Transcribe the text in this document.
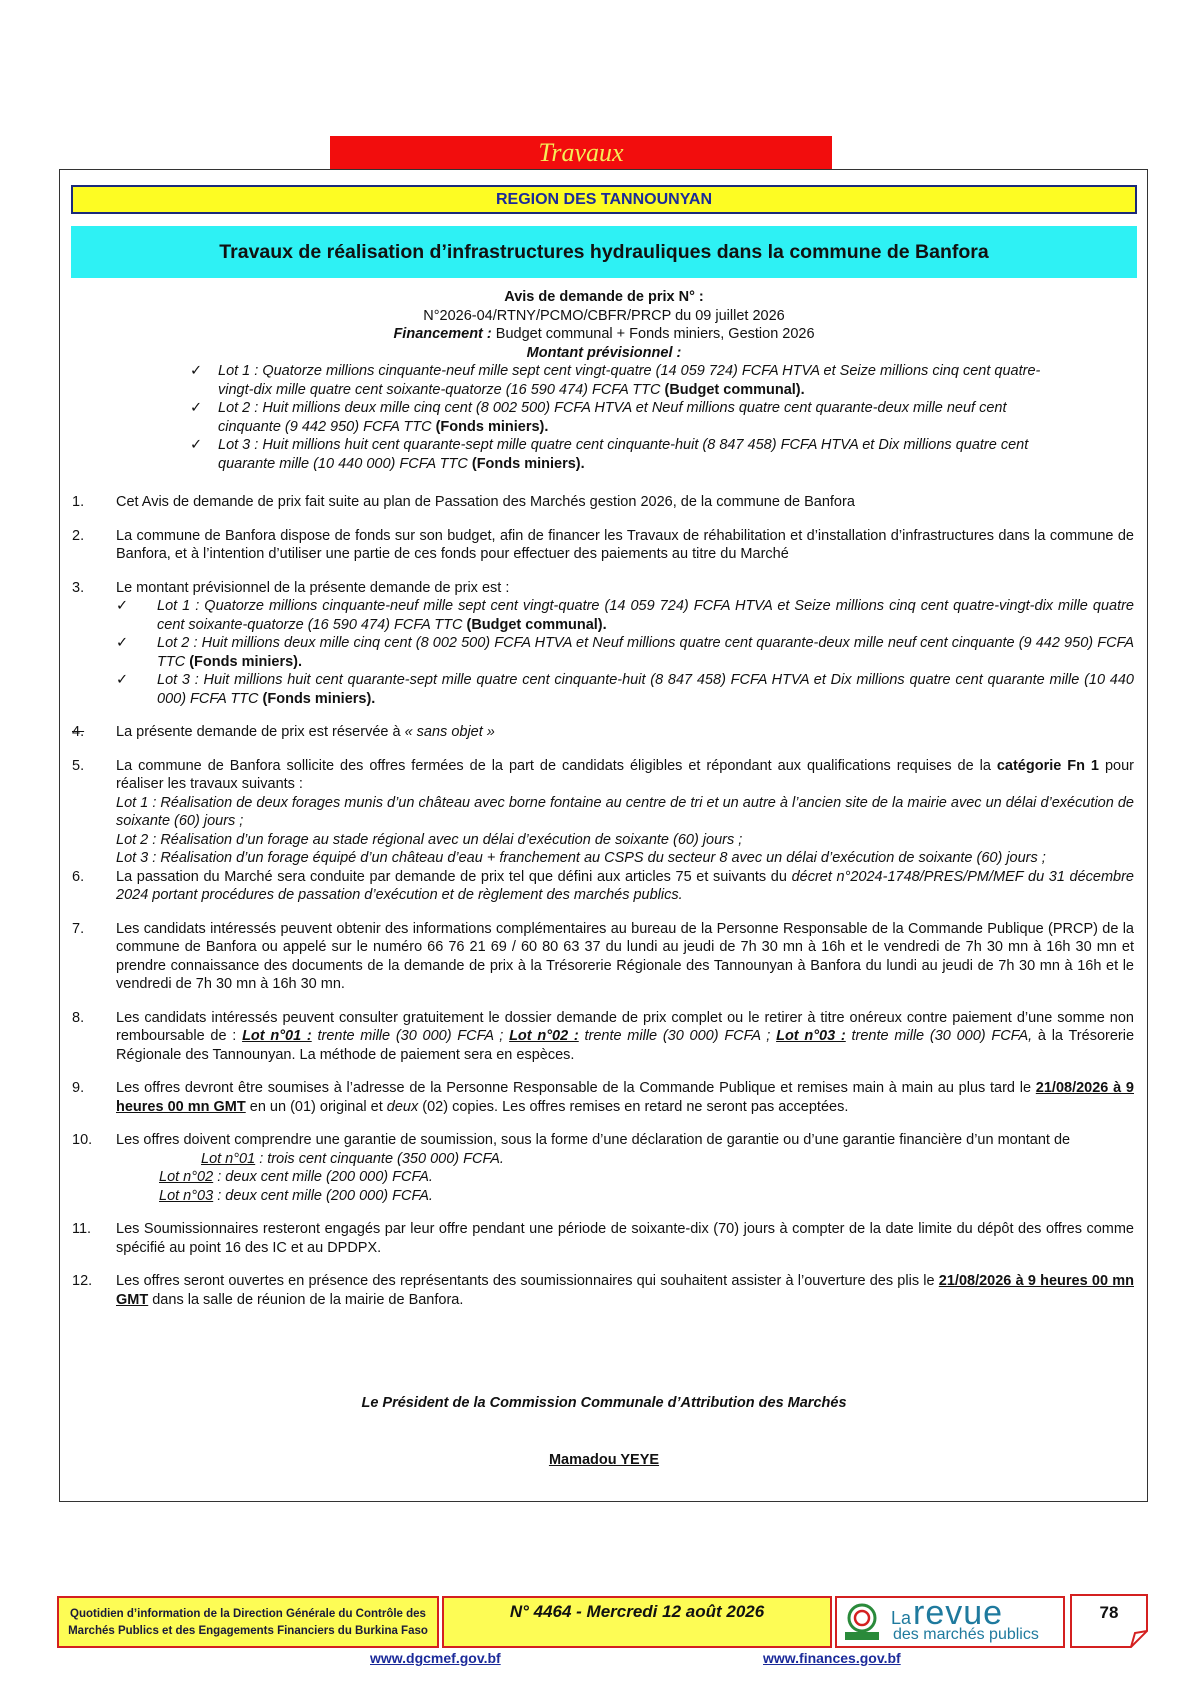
Travaux
REGION DES TANNOUNYAN
Travaux de réalisation d’infrastructures hydrauliques dans la commune de Banfora
Avis de demande de prix N° :
N°2026-04/RTNY/PCMO/CBFR/PRCP du 09 juillet 2026
Financement : Budget communal + Fonds miniers, Gestion 2026
Montant prévisionnel :

✓ Lot 1 : Quatorze millions cinquante-neuf mille sept cent vingt-quatre (14 059 724) FCFA HTVA et Seize millions cinq cent quatre-vingt-dix mille quatre cent soixante-quatorze (16 590 474) FCFA TTC (Budget communal).

✓ Lot 2 : Huit millions deux mille cinq cent (8 002 500) FCFA HTVA et Neuf millions quatre cent quarante-deux mille neuf cent cinquante (9 442 950) FCFA TTC (Fonds miniers).

✓ Lot 3 : Huit millions huit cent quarante-sept mille quatre cent cinquante-huit (8 847 458) FCFA HTVA et Dix millions quatre cent quarante mille (10 440 000) FCFA TTC (Fonds miniers).

1. Cet Avis de demande de prix fait suite au plan de Passation des Marchés gestion 2026, de la commune de Banfora
2. La commune de Banfora dispose de fonds sur son budget, afin de financer les Travaux de réhabilitation et d’installation d’infrastructures dans la commune de Banfora, et à l’intention d’utiliser une partie de ces fonds pour effectuer des paiements au titre du Marché
3. Le montant prévisionnel de la présente demande de prix est :

✓ Lot 1 : Quatorze millions cinquante-neuf mille sept cent vingt-quatre (14 059 724) FCFA HTVA et Seize millions cinq cent quatre-vingt-dix mille quatre cent soixante-quatorze (16 590 474) FCFA TTC (Budget communal).

✓ Lot 2 : Huit millions deux mille cinq cent (8 002 500) FCFA HTVA et Neuf millions quatre cent quarante-deux mille neuf cent cinquante (9 442 950) FCFA TTC (Fonds miniers).

✓ Lot 3 : Huit millions huit cent quarante-sept mille quatre cent cinquante-huit (8 847 458) FCFA HTVA et Dix millions quatre cent quarante mille (10 440 000) FCFA TTC (Fonds miniers).

4. La présente demande de prix est réservée à « sans objet »
5. La commune de Banfora sollicite des offres fermées de la part de candidats éligibles et répondant aux qualifications requises de la catégorie Fn 1 pour réaliser les travaux suivants :

Lot 1 : Réalisation de deux forages munis d’un château avec borne fontaine au centre de tri et un autre à l’ancien site de la mairie avec un délai d’exécution de soixante (60) jours ;

Lot 2 : Réalisation d’un forage au stade régional avec un délai d’exécution de soixante (60) jours ;

Lot 3 : Réalisation d’un forage équipé d’un château d’eau + franchement au CSPS du secteur 8 avec un délai d’exécution de soixante (60) jours ;

6. La passation du Marché sera conduite par demande de prix tel que défini aux articles 75 et suivants du décret n°2024-1748/PRES/PM/MEF du 31 décembre 2024 portant procédures de passation d’exécution et de règlement des marchés publics.
7. Les candidats intéressés peuvent obtenir des informations complémentaires au bureau de la Personne Responsable de la Commande Publique (PRCP) de la commune de Banfora ou appelé sur le numéro 66 76 21 69 / 60 80 63 37 du lundi au jeudi de 7h 30 mn à 16h et le vendredi de 7h 30 mn à 16h 30 mn et prendre connaissance des documents de la demande de prix à la Trésorerie Régionale des Tannounyan à Banfora du lundi au jeudi de 7h 30 mn à 16h et le vendredi de 7h 30 mn à 16h 30 mn.
8. Les candidats intéressés peuvent consulter gratuitement le dossier demande de prix complet ou le retirer à titre onéreux contre paiement d’une somme non remboursable de : Lot n°01 : trente mille (30 000) FCFA ; Lot n°02 : trente mille (30 000) FCFA ; Lot n°03 : trente mille (30 000) FCFA, à la Trésorerie Régionale des Tannounyan. La méthode de paiement sera en espèces.
9. Les offres devront être soumises à l’adresse de la Personne Responsable de la Commande Publique et remises main à main au plus tard le 21/08/2026 à 9 heures 00 mn GMT en un (01) original et deux (02) copies. Les offres remises en retard ne seront pas acceptées.
10. Les offres doivent comprendre une garantie de soumission, sous la forme d’une déclaration de garantie ou d’une garantie financière d’un montant de

Lot n°01 : trois cent cinquante (350 000) FCFA.

Lot n°02 : deux cent mille (200 000) FCFA.

Lot n°03 : deux cent mille (200 000) FCFA.

11. Les Soumissionnaires resteront engagés par leur offre pendant une période de soixante-dix (70) jours à compter de la date limite du dépôt des offres comme spécifié au point 16 des IC et au DPDPX.
12. Les offres seront ouvertes en présence des représentants des soumissionnaires qui souhaitent assister à l’ouverture des plis le 21/08/2026 à 9 heures 00 mn GMT dans la salle de réunion de la mairie de Banfora.
Le Président de la Commission Communale d’Attribution des Marchés
Mamadou YEYE
Quotidien d’information de la Direction Générale du Contrôle des
Marchés Publics et des Engagements Financiers du Burkina Faso
N° 4464 - Mercredi 12 août 2026	La revue
des marchés publics
78
www.dgcmef.gov.bf	www.finances.gov.bf
